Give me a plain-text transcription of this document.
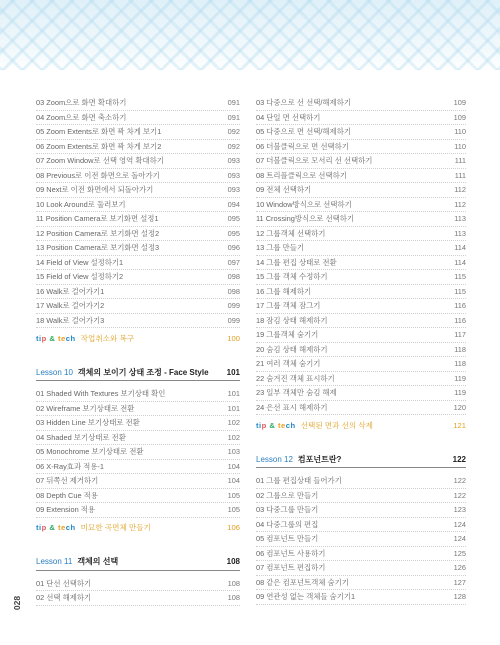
03 Zoom으로 화면 확대하기	091
04 Zoom으로 화면 축소하기	091
05 Zoom Extents로 화면 꽉 차게 보기1	092
06 Zoom Extents로 화면 꽉 차게 보기2	092
07 Zoom Window로 선택 영역 확대하기	093
08 Previous로 이전 화면으로 돌아가기	093
09 Next로 이전 화면에서 되돌아가기	093
10 Look Around로 둘러보기	094
11 Position Camera로 보기화면 설정1	095
12 Position Camera로 보기화면 설정2	095
13 Position Camera로 보기화면 설정3	096
14 Field of View 설정하기1	097
15 Field of View 설정하기2	098
16 Walk로 걸어가기1	098
17 Walk로 걸어가기2	099
18 Walk로 걸어가기3	099
tip & tech 작업취소와 복구	100
Lesson 10 객체의 보이기 상태 조정 - Face Style 101
01 Shaded With Textures 보기상태 확인	101
02 Wireframe 보기상태로 전환	101
03 Hidden Line 보기상태로 전환	102
04 Shaded 보기상태로 전환	102
05 Monochrome 보기상태로 전환	103
06 X-Ray효과 적용-1	104
07 뒤쪽선 제거하기	104
08 Depth Cue 적용	105
09 Extension 적용	105
tip & tech 미묘한 곡면체 만들기	106
Lesson 11 객체의 선택	108
01 단선 선택하기	108
02 선택 해제하기	108
03 다중으로 선 선택/해제하기	109
04 단일 면 선택하기	109
05 다중으로 면 선택/해제하기	110
06 더블클릭으로 면 선택하기	110
07 더블클릭으로 모서리 선 선택하기	111
08 트리플클릭으로 선택하기	111
09 전체 선택하기	112
10 Window방식으로 선택하기	112
11 Crossing방식으로 선택하기	113
12 그룹객체 선택하기	113
13 그룹 만들기	114
14 그룹 편집 상태로 전환	114
15 그룹 객체 수정하기	115
16 그룹 해제하기	115
17 그룹 객체 잠그기	116
18 잠김 상태 해제하기	116
19 그룹객체 숨기기	117
20 숨김 상태 해제하기	118
21 여러 객체 숨기기	118
22 숨겨진 객체 표시하기	119
23 일부 객체만 숨김 해제	119
24 은선 표시 해제하기	120
tip & tech 선택된 면과 선의 삭제	121
Lesson 12 컴포넌트란?	122
01 그룹 편집상태 들어가기	122
02 그룹으로 만들기	122
03 다중그룹 만들기	123
04 다중그룹의 편집	124
05 컴포넌트 만들기	124
06 컴포넌트 사용하기	125
07 컴포넌트 편집하기	126
08 같은 컴포넌트객체 숨기기	127
09 연관성 없는 객체들 숨기기1	128
028
